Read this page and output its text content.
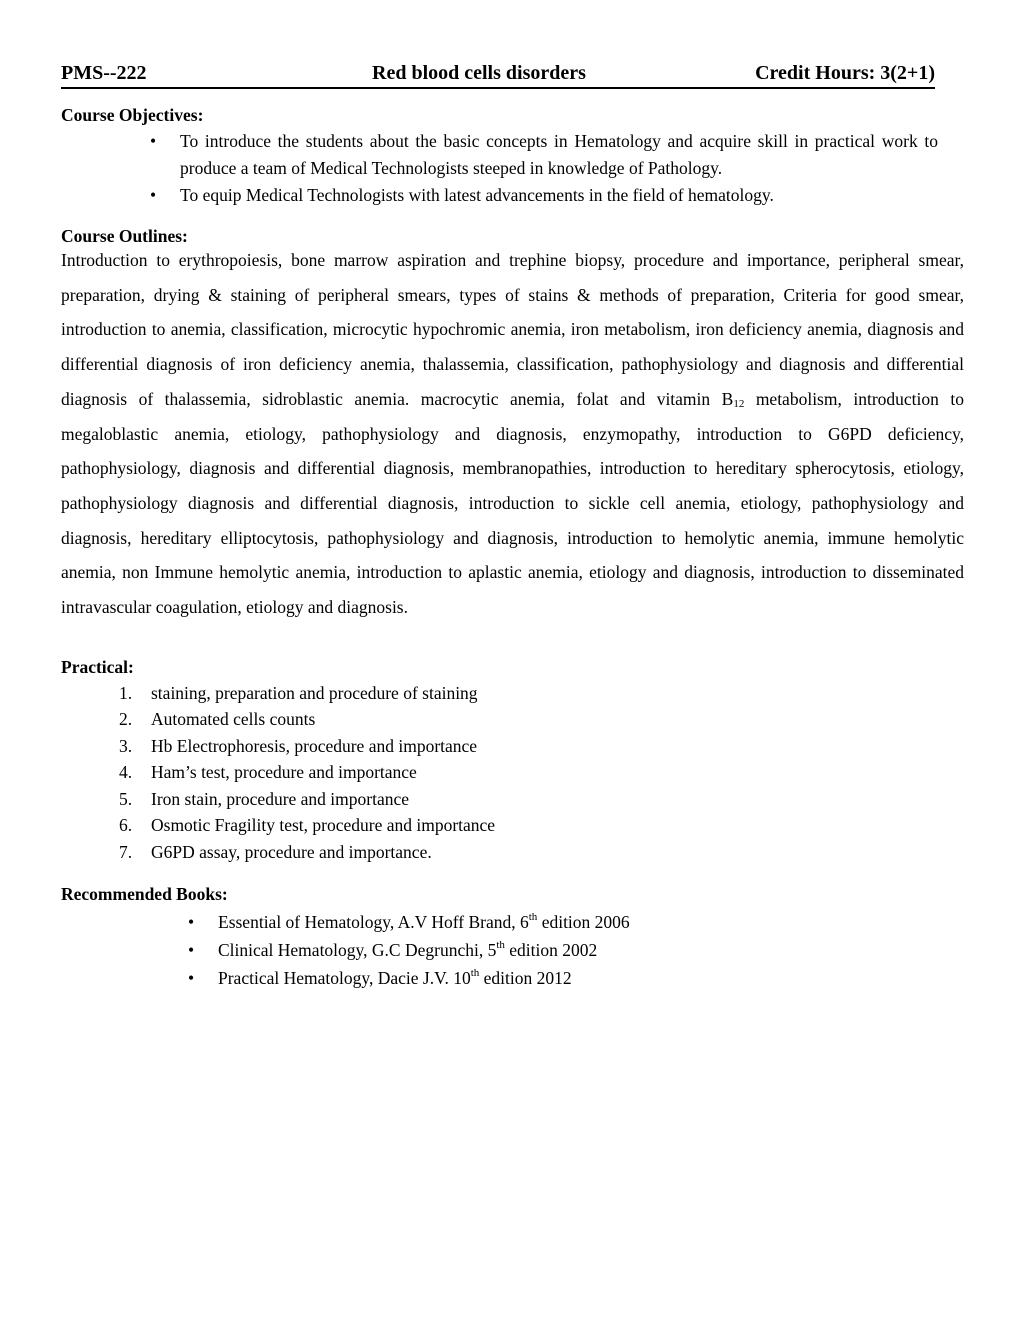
PMS--222	Red blood cells disorders	Credit Hours: 3(2+1)
Course Objectives:
• To introduce the students about the basic concepts in Hematology and acquire skill in practical work to produce a team of Medical Technologists steeped in knowledge of Pathology.
• To equip Medical Technologists with latest advancements in the field of hematology.
Course Outlines:
Introduction to erythropoiesis, bone marrow aspiration and trephine biopsy, procedure and importance, peripheral smear, preparation, drying & staining of peripheral smears, types of stains & methods of preparation, Criteria for good smear, introduction to anemia, classification, microcytic hypochromic anemia, iron metabolism, iron deficiency anemia, diagnosis and differential diagnosis of iron deficiency anemia, thalassemia, classification, pathophysiology and diagnosis and differential diagnosis of thalassemia, sidroblastic anemia. macrocytic anemia, folat and vitamin $B_{12}$ metabolism, introduction to megaloblastic anemia, etiology, pathophysiology and diagnosis, enzymopathy, introduction to G6PD deficiency, pathophysiology, diagnosis and differential diagnosis, membranopathies, introduction to hereditary spherocytosis, etiology, pathophysiology diagnosis and differential diagnosis, introduction to sickle cell anemia, etiology, pathophysiology and diagnosis, hereditary elliptocytosis, pathophysiology and diagnosis, introduction to hemolytic anemia, immune hemolytic anemia, non Immune hemolytic anemia, introduction to aplastic anemia, etiology and diagnosis, introduction to disseminated intravascular coagulation, etiology and diagnosis.
Practical:
1. staining, preparation and procedure of staining
2. Automated cells counts
3. Hb Electrophoresis, procedure and importance
4. Ham’s test, procedure and importance
5. Iron stain, procedure and importance
6. Osmotic Fragility test, procedure and importance
7. G6PD assay, procedure and importance.
Recommended Books:
• Essential of Hematology, A.V Hoff Brand, 6th edition 2006
• Clinical Hematology, G.C Degrunchi, 5th edition 2002
• Practical Hematology, Dacie J.V. 10th edition 2012
